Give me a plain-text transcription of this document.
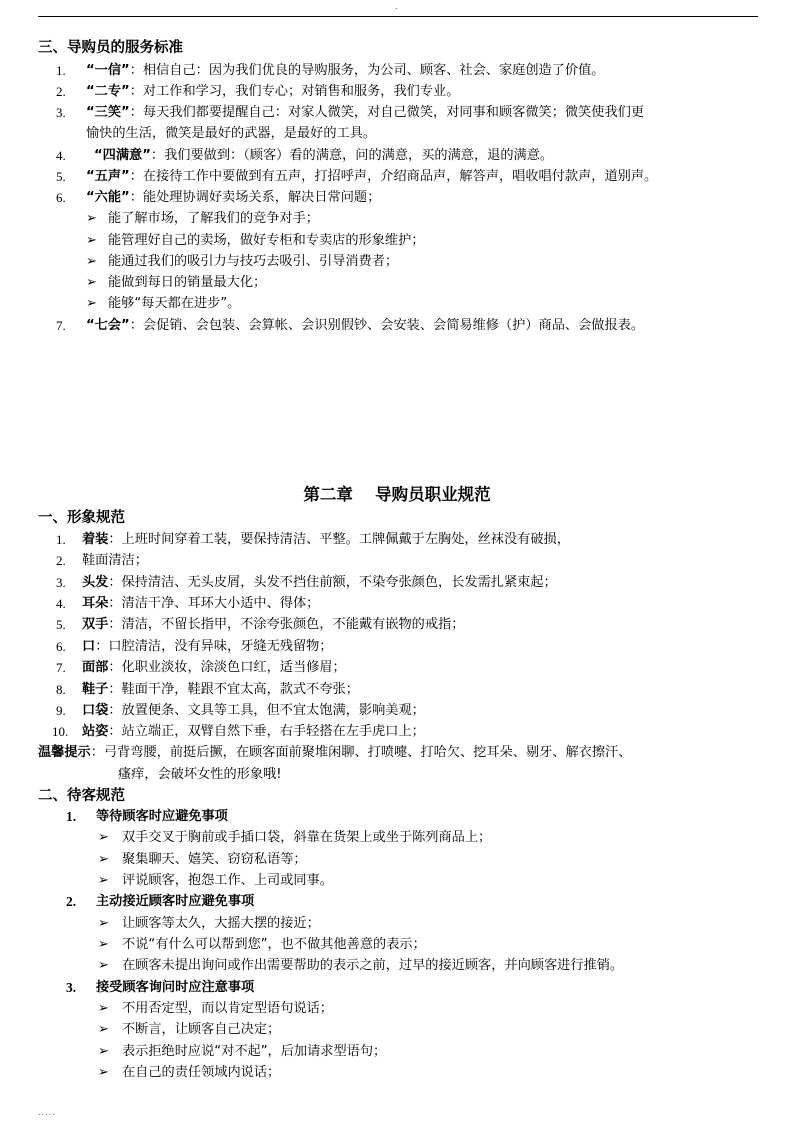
.
三、导购员的服务标准
1. “一信”：相信自己：因为我们优良的导购服务，为公司、顾客、社会、家庭创造了价值。
2. “二专”：对工作和学习，我们专心；对销售和服务，我们专业。
3. “三笑”：每天我们都要提醒自己：对家人微笑，对自己微笑，对同事和顾客微笑；微笑使我们更
愉快的生活，微笑是最好的武器，是最好的工具。
4. “四满意”：我们要做到：（顾客）看的满意，问的满意，买的满意，退的满意。
5. “五声”：在接待工作中要做到有五声，打招呼声，介绍商品声，解答声，唱收唱付款声，道别声。
6. “六能”：能处理协调好卖场关系，解决日常问题；
➢ 能了解市场，了解我们的竞争对手；
➢ 能管理好自己的卖场，做好专柜和专卖店的形象维护；
➢ 能通过我们的吸引力与技巧去吸引、引导消费者；
➢ 能做到每日的销量最大化；
➢ 能够“每天都在进步”。
7. “七会”：会促销、会包装、会算帐、会识别假钞、会安装、会简易维修（护）商品、会做报表。
第二章　 导购员职业规范
一、形象规范
1. 着装：上班时间穿着工装，要保持清洁、平整。工牌佩戴于左胸处，丝袜没有破损，
2. 鞋面清洁；
3. 头发：保持清洁、无头皮屑，头发不挡住前额，不染夸张颜色，长发需扎紧束起；
4. 耳朵：清洁干净、耳环大小适中、得体；
5. 双手：清洁，不留长指甲，不涂夸张颜色，不能戴有嵌物的戒指；
6. 口：口腔清洁，没有异味，牙缝无残留物；
7. 面部：化职业淡妆，涂淡色口红，适当修眉；
8. 鞋子：鞋面干净，鞋跟不宜太高，款式不夸张；
9. 口袋：放置便条、文具等工具，但不宜太饱满，影响美观；
10. 站姿：站立端正，双臂自然下垂，右手轻搭在左手虎口上；
温馨提示：弓背弯腰，前挺后撅，在顾客面前聚堆闲聊、打喷嚏、打哈欠、挖耳朵、剔牙、解衣擦汗、
瘙痒，会破坏女性的形象哦!
二、待客规范
1. 等待顾客时应避免事项
➢ 双手交叉于胸前或手插口袋，斜靠在货架上或坐于陈列商品上；
➢ 聚集聊天、嬉笑、窃窃私语等；
➢ 评说顾客，抱怨工作、上司或同事。
2. 主动接近顾客时应避免事项
➢ 让顾客等太久，大摇大摆的接近；
➢ 不说“有什么可以帮到您”，也不做其他善意的表示；
➢ 在顾客未提出询问或作出需要帮助的表示之前，过早的接近顾客，并向顾客进行推销。
3. 接受顾客询问时应注意事项
➢ 不用否定型，而以肯定型语句说话；
➢ 不断言，让顾客自己决定；
➢ 表示拒绝时应说“对不起”，后加请求型语句；
➢ 在自己的责任领域内说话；
.....
